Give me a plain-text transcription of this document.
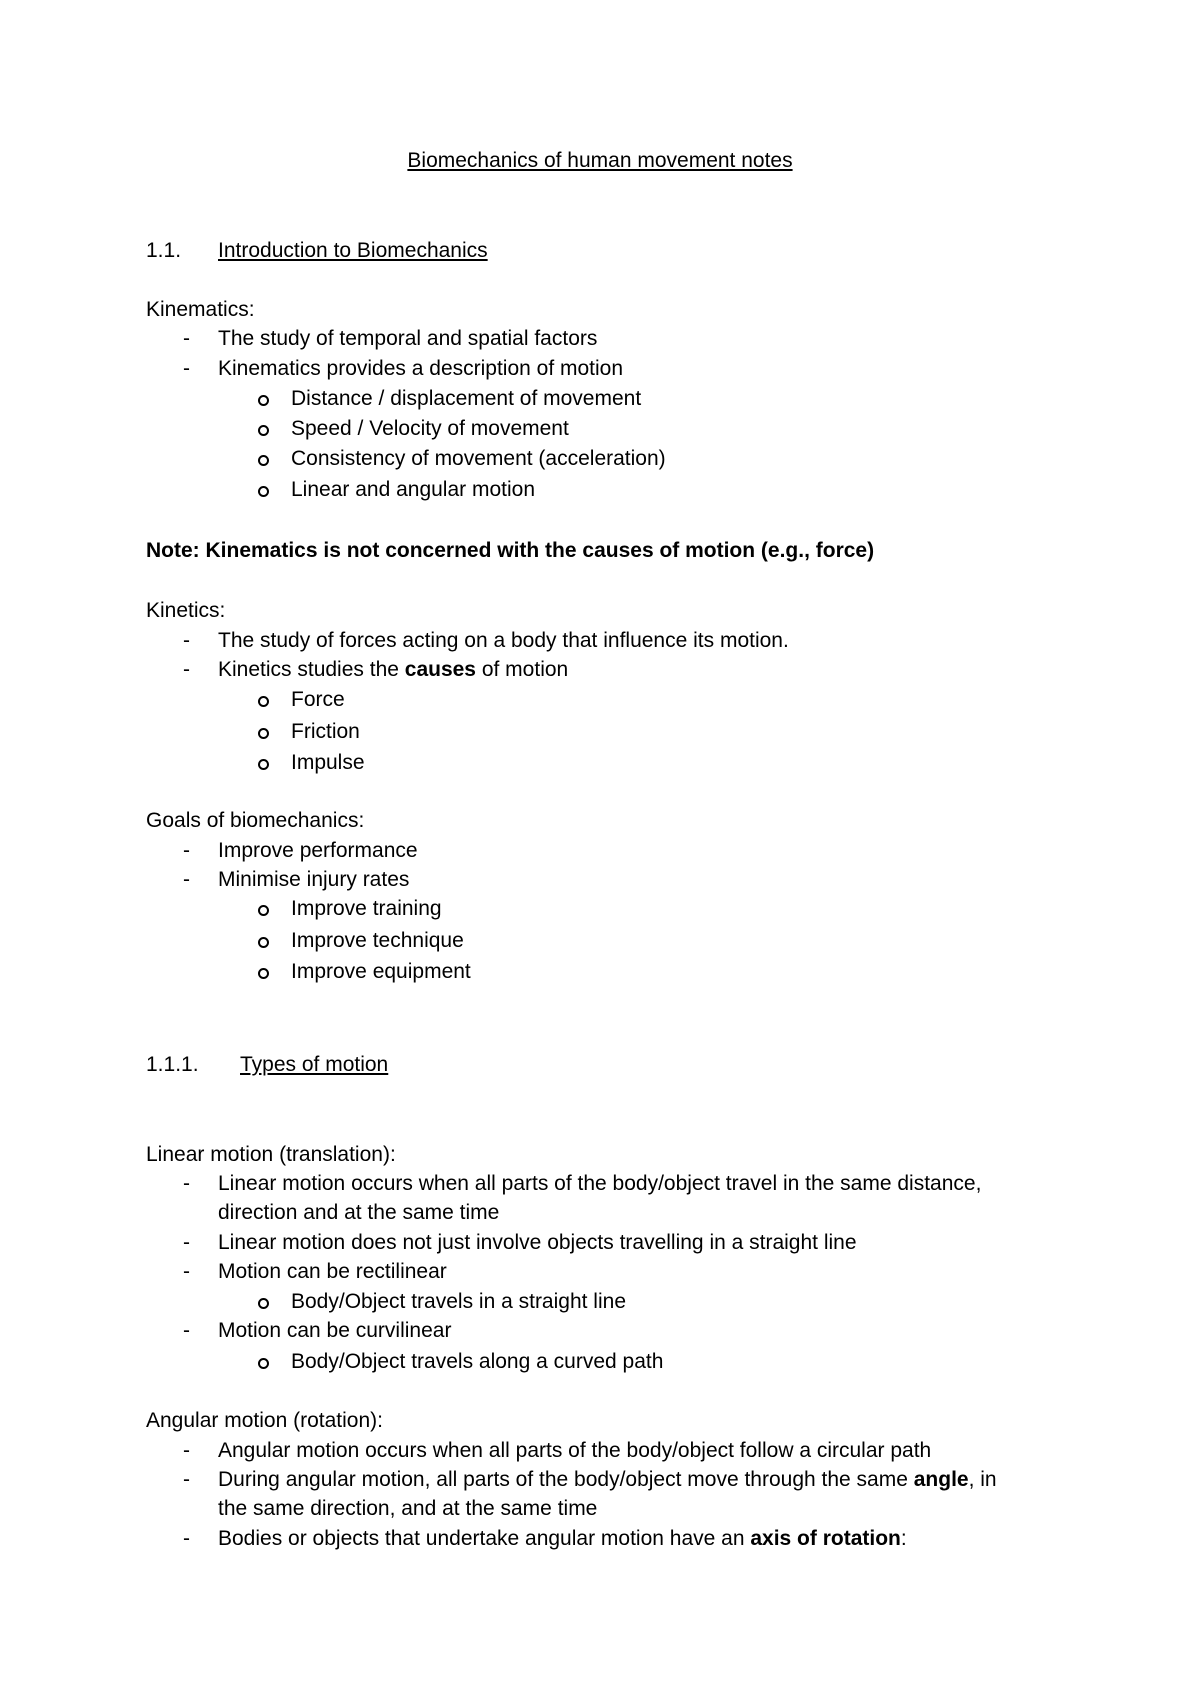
Biomechanics of human movement notes
1.1. Introduction to Biomechanics
Kinematics:
- The study of temporal and spatial factors
- Kinematics provides a description of motion
Distance / displacement of movement
Speed / Velocity of movement
Consistency of movement (acceleration)
Linear and angular motion
Note: Kinematics is not concerned with the causes of motion (e.g., force)
Kinetics:
- The study of forces acting on a body that influence its motion.
- Kinetics studies the causes of motion
Force
Friction
Impulse
Goals of biomechanics:
- Improve performance
- Minimise injury rates
Improve training
Improve technique
Improve equipment
1.1.1. Types of motion
Linear motion (translation):
- Linear motion occurs when all parts of the body/object travel in the same distance,
direction and at the same time
- Linear motion does not just involve objects travelling in a straight line
- Motion can be rectilinear
Body/Object travels in a straight line
- Motion can be curvilinear
Body/Object travels along a curved path
Angular motion (rotation):
- Angular motion occurs when all parts of the body/object follow a circular path
- During angular motion, all parts of the body/object move through the same angle, in
the same direction, and at the same time
- Bodies or objects that undertake angular motion have an axis of rotation:
